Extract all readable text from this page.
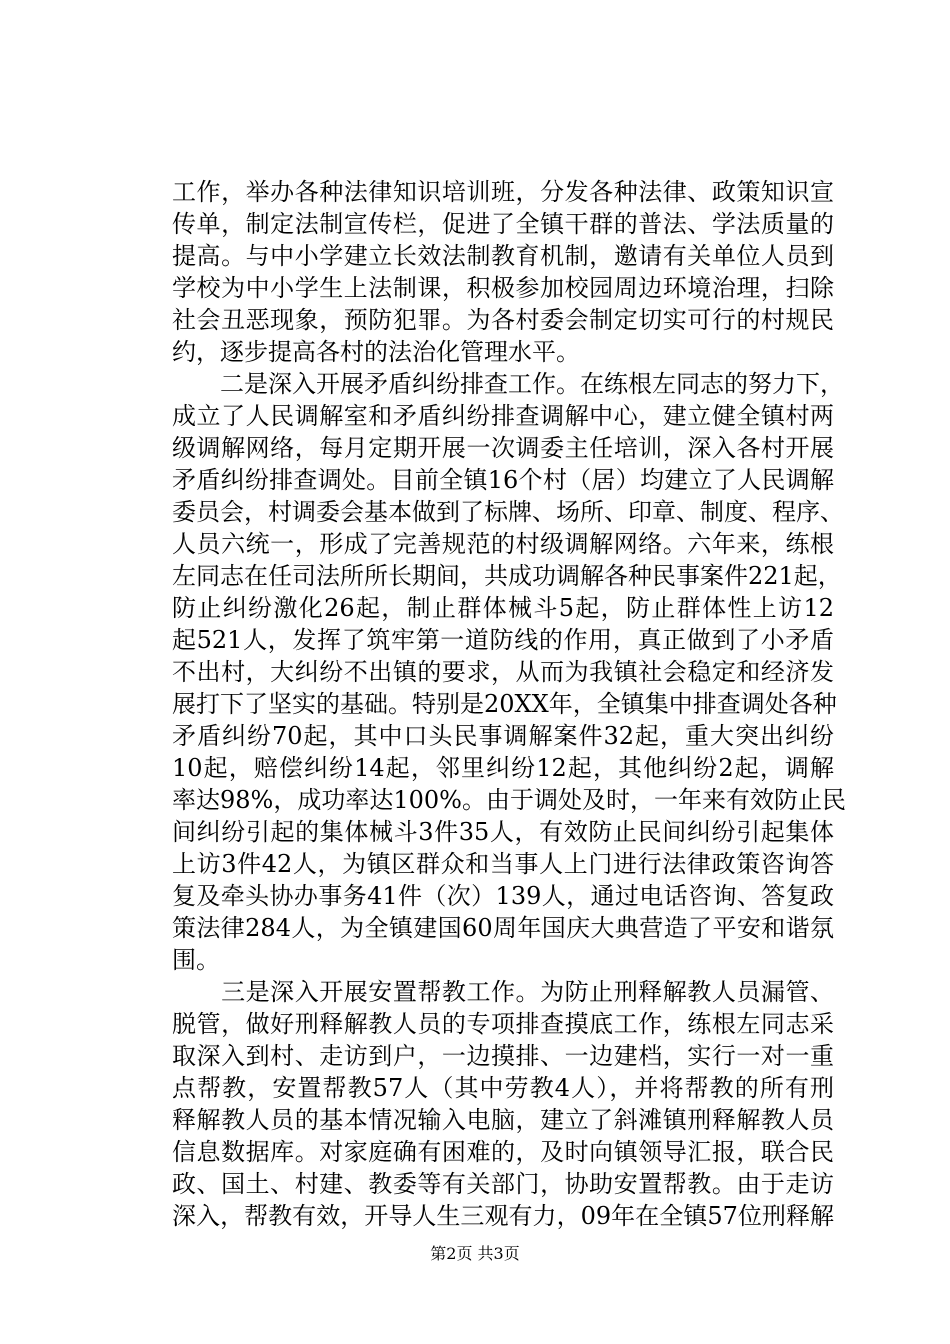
工作，举办各种法律知识培训班，分发各种法律、政策知识宣
传单，制定法制宣传栏，促进了全镇干群的普法、学法质量的
提高。与中小学建立长效法制教育机制，邀请有关单位人员到
学校为中小学生上法制课，积极参加校园周边环境治理，扫除
社会丑恶现象，预防犯罪。为各村委会制定切实可行的村规民
约，逐步提高各村的法治化管理水平。
　　二是深入开展矛盾纠纷排查工作。在练根左同志的努力下，
成立了人民调解室和矛盾纠纷排查调解中心，建立健全镇村两
级调解网络，每月定期开展一次调委主任培训，深入各村开展
矛盾纠纷排查调处。目前全镇16个村（居）均建立了人民调解
委员会，村调委会基本做到了标牌、场所、印章、制度、程序、
人员六统一，形成了完善规范的村级调解网络。六年来，练根
左同志在任司法所所长期间，共成功调解各种民事案件221起，
防止纠纷激化26起，制止群体械斗5起，防止群体性上访12
起521人，发挥了筑牢第一道防线的作用，真正做到了小矛盾
不出村，大纠纷不出镇的要求，从而为我镇社会稳定和经济发
展打下了坚实的基础。特别是20XX年，全镇集中排查调处各种
矛盾纠纷70起，其中口头民事调解案件32起，重大突出纠纷
10起，赔偿纠纷14起，邻里纠纷12起，其他纠纷2起，调解
率达98%，成功率达100%。由于调处及时，一年来有效防止民
间纠纷引起的集体械斗3件35人，有效防止民间纠纷引起集体
上访3件42人，为镇区群众和当事人上门进行法律政策咨询答
复及牵头协办事务41件（次）139人，通过电话咨询、答复政
策法律284人，为全镇建国60周年国庆大典营造了平安和谐氛
围。
　　三是深入开展安置帮教工作。为防止刑释解教人员漏管、
脱管，做好刑释解教人员的专项排查摸底工作，练根左同志采
取深入到村、走访到户，一边摸排、一边建档，实行一对一重
点帮教，安置帮教57人（其中劳教4人），并将帮教的所有刑
释解教人员的基本情况输入电脑，建立了斜滩镇刑释解教人员
信息数据库。对家庭确有困难的，及时向镇领导汇报，联合民
政、国土、村建、教委等有关部门，协助安置帮教。由于走访
深入，帮教有效，开导人生三观有力，09年在全镇57位刑释解
第2页 共3页
